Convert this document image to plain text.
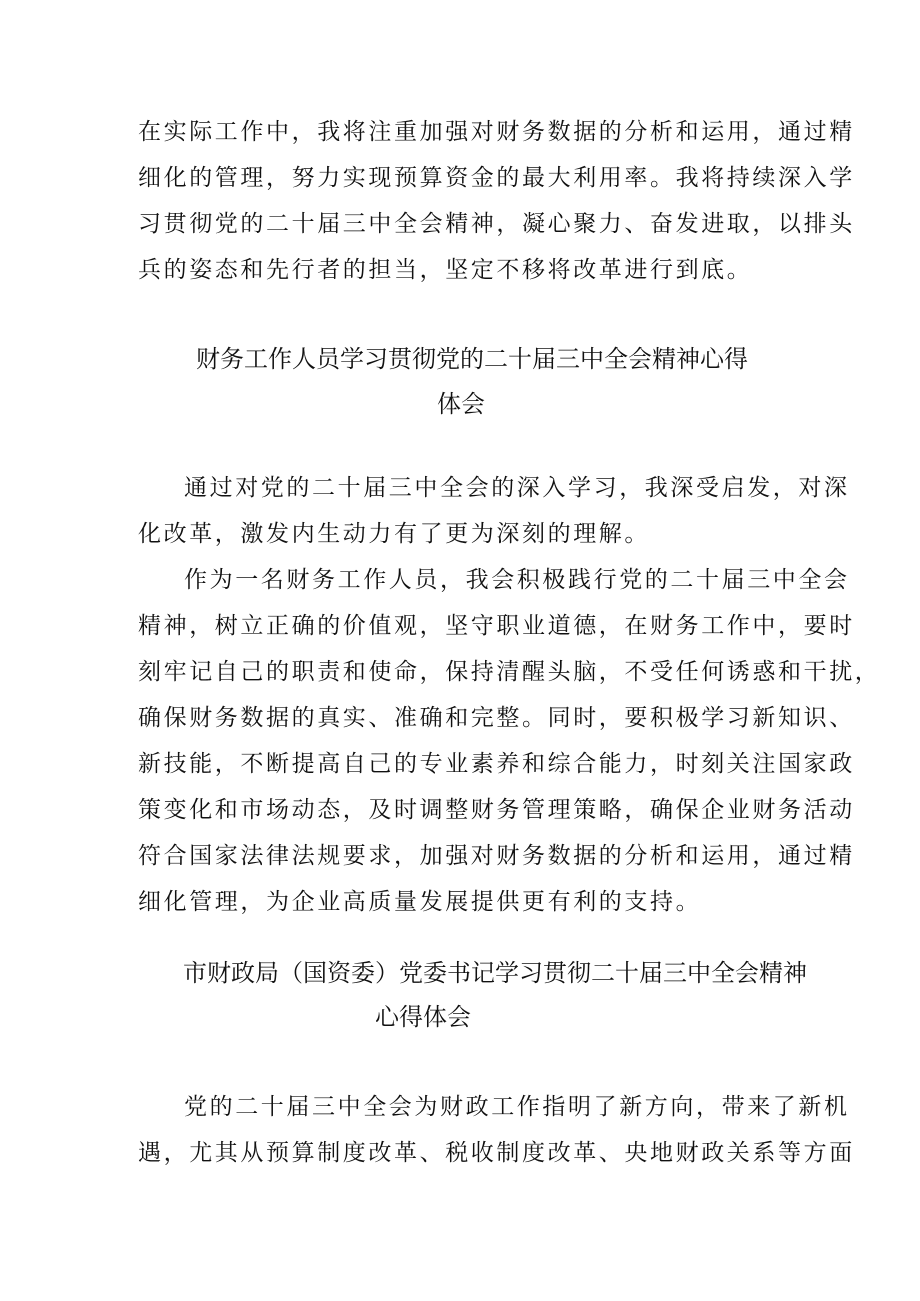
在实际工作中，我将注重加强对财务数据的分析和运用，通过精
细化的管理，努力实现预算资金的最大利用率。我将持续深入学
习贯彻党的二十届三中全会精神，凝心聚力、奋发进取，以排头
兵的姿态和先行者的担当，坚定不移将改革进行到底。
财务工作人员学习贯彻党的二十届三中全会精神心得
体会
通过对党的二十届三中全会的深入学习，我深受启发，对深
化改革，激发内生动力有了更为深刻的理解。
作为一名财务工作人员，我会积极践行党的二十届三中全会
精神，树立正确的价值观，坚守职业道德，在财务工作中，要时
刻牢记自己的职责和使命，保持清醒头脑，不受任何诱惑和干扰，
确保财务数据的真实、准确和完整。同时，要积极学习新知识、
新技能，不断提高自己的专业素养和综合能力，时刻关注国家政
策变化和市场动态，及时调整财务管理策略，确保企业财务活动
符合国家法律法规要求，加强对财务数据的分析和运用，通过精
细化管理，为企业高质量发展提供更有利的支持。
市财政局（国资委）党委书记学习贯彻二十届三中全会精神
心得体会
党的二十届三中全会为财政工作指明了新方向，带来了新机
遇，尤其从预算制度改革、税收制度改革、央地财政关系等方面
